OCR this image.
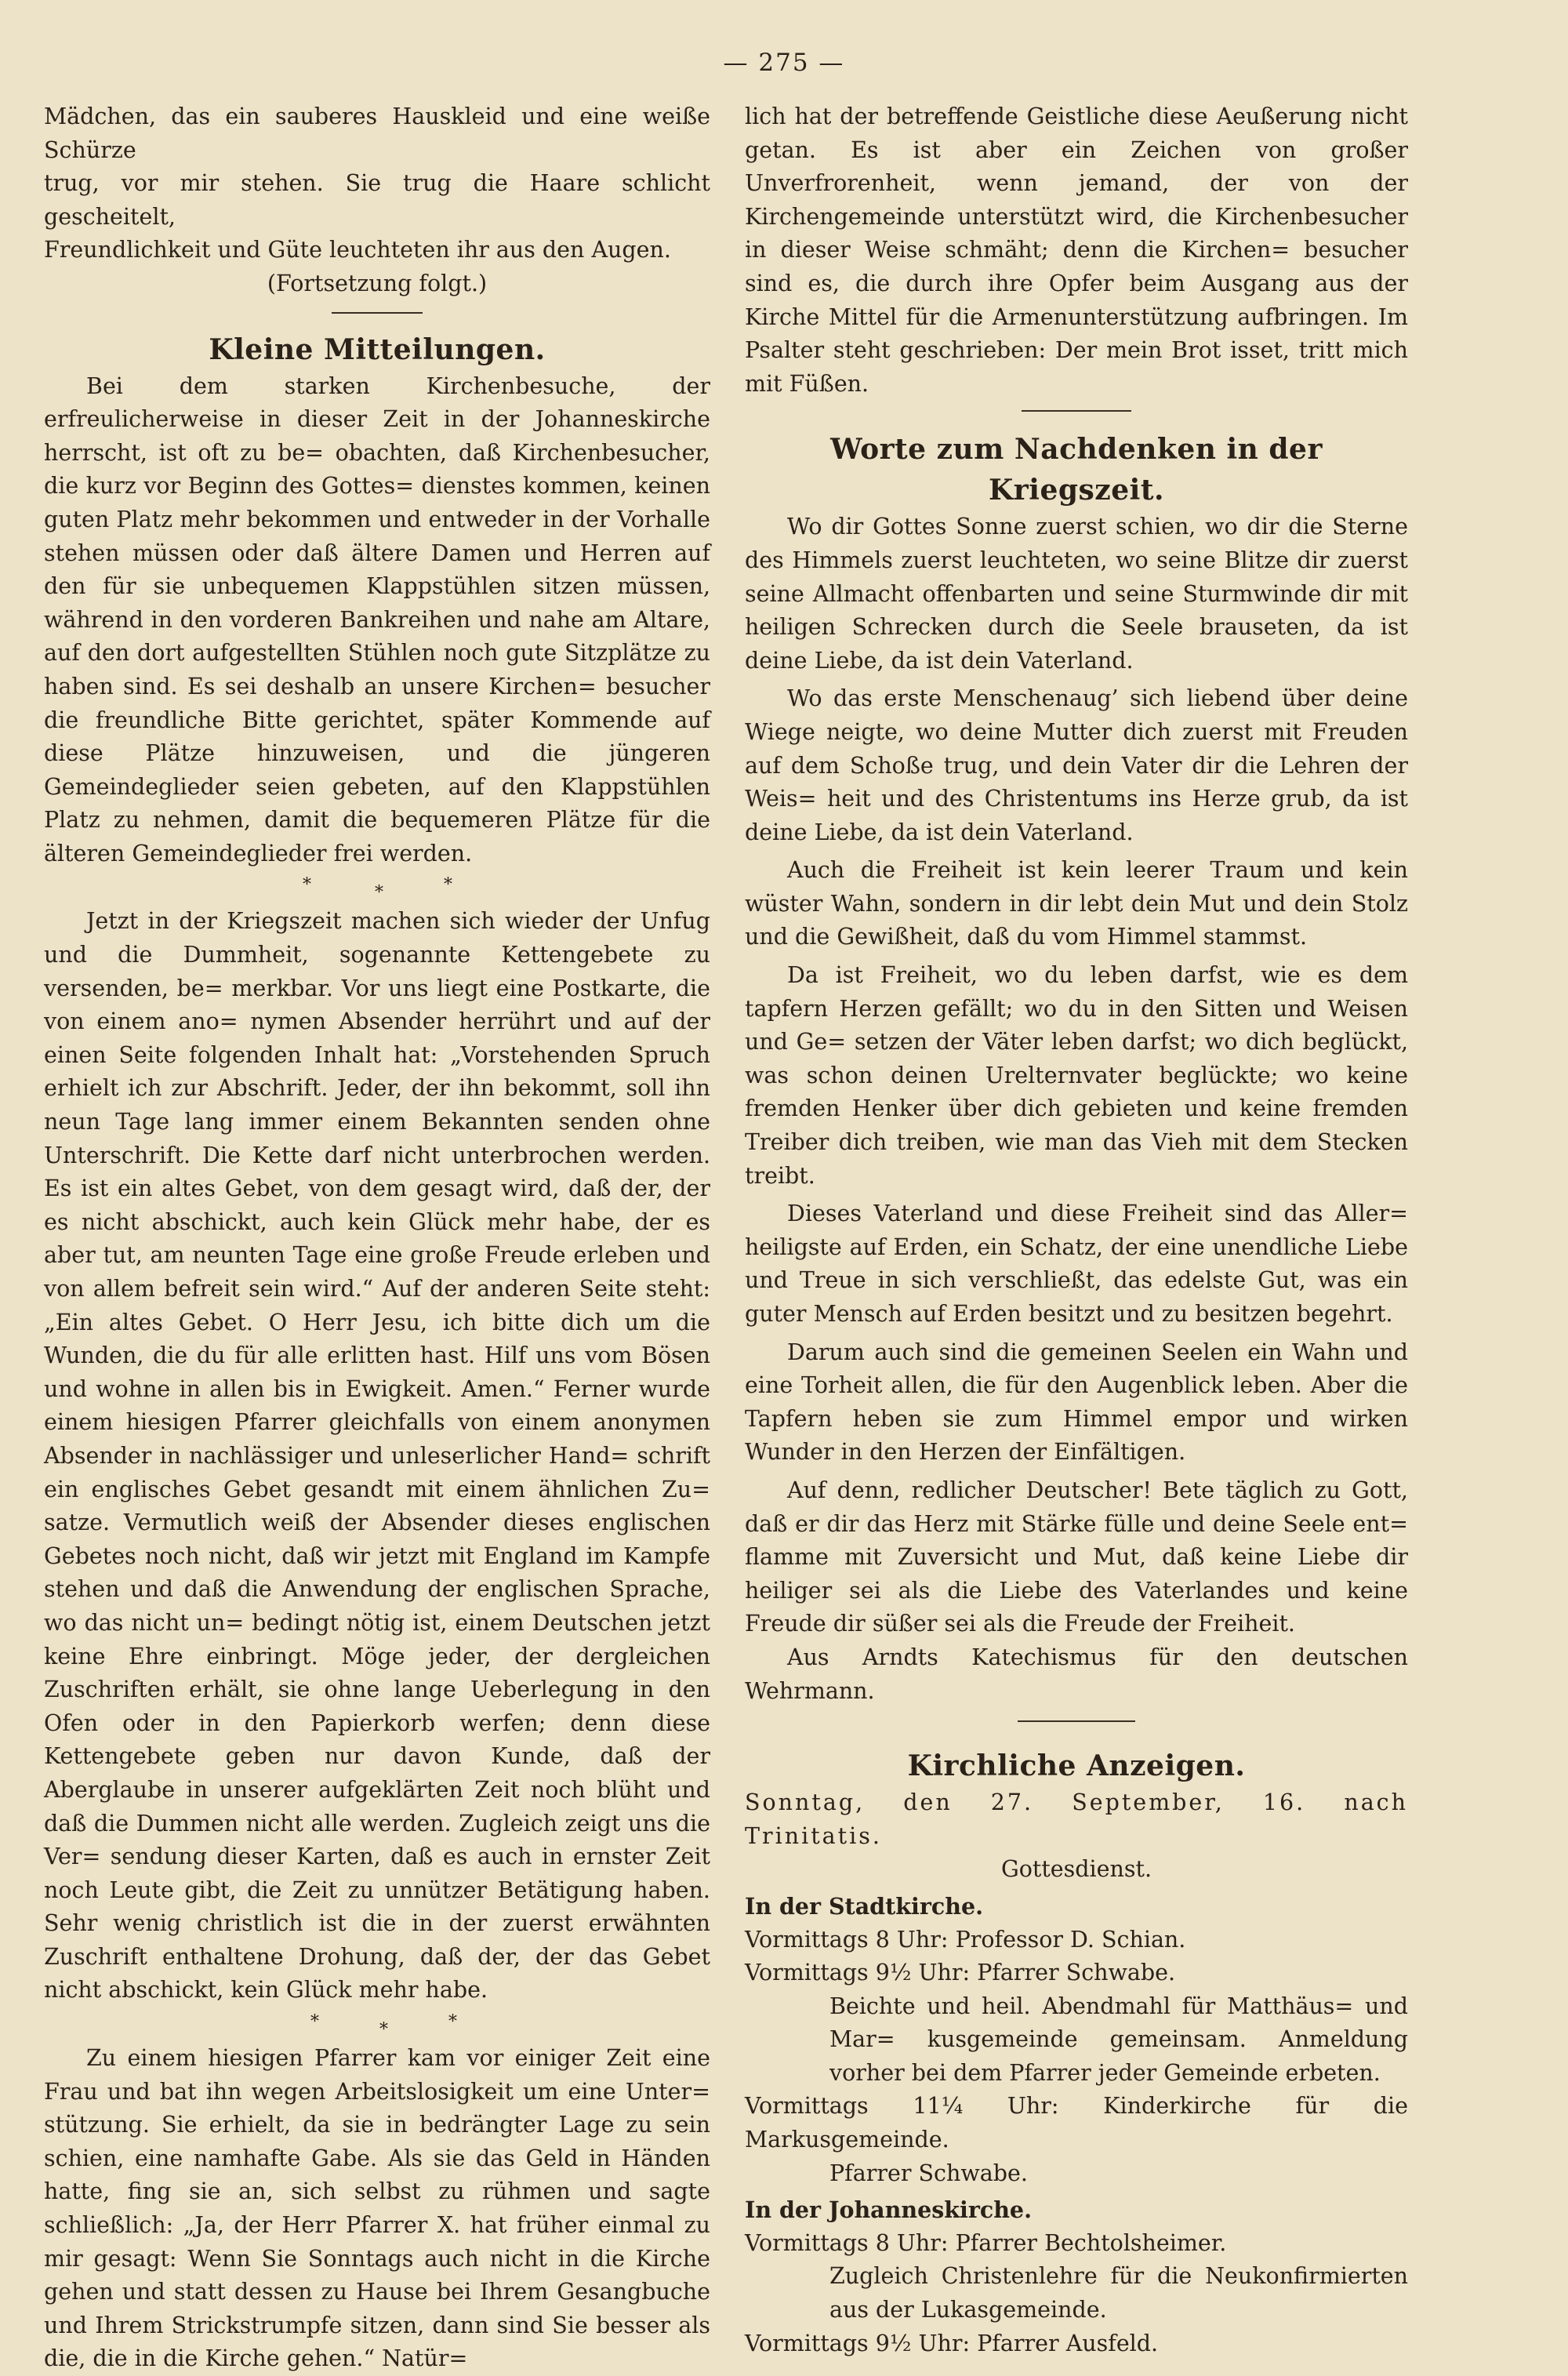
— 275 —

Mädchen, das ein sauberes Hauskleid und eine weiße Schürze
trug, vor mir stehen. Sie trug die Haare schlicht gescheitelt,
Freundlichkeit und Güte leuchteten ihr aus den Augen.

(Fortsetzung folgt.)

Kleine Mitteilungen.

Bei dem starken Kirchenbesuche, der erfreulicherweise in dieser Zeit in der Johanneskirche herrscht, ist oft zu be= obachten, daß Kirchenbesucher, die kurz vor Beginn des Gottes= dienstes kommen, keinen guten Platz mehr bekommen und entweder in der Vorhalle stehen müssen oder daß ältere Damen und Herren auf den für sie unbequemen Klappstühlen sitzen müssen, während in den vorderen Bankreihen und nahe am Altare, auf den dort aufgestellten Stühlen noch gute Sitzplätze zu haben sind. Es sei deshalb an unsere Kirchen= besucher die freundliche Bitte gerichtet, später Kommende auf diese Plätze hinzuweisen, und die jüngeren Gemeindeglieder seien gebeten, auf den Klappstühlen Platz zu nehmen, damit die bequemeren Plätze für die älteren Gemeindeglieder frei werden.

*	*	*

Jetzt in der Kriegszeit machen sich wieder der Unfug und die Dummheit, sogenannte Kettengebete zu versenden, be= merkbar. Vor uns liegt eine Postkarte, die von einem ano= nymen Absender herrührt und auf der einen Seite folgenden Inhalt hat: „Vorstehenden Spruch erhielt ich zur Abschrift. Jeder, der ihn bekommt, soll ihn neun Tage lang immer einem Bekannten senden ohne Unterschrift. Die Kette darf nicht unterbrochen werden. Es ist ein altes Gebet, von dem gesagt wird, daß der, der es nicht abschickt, auch kein Glück mehr habe, der es aber tut, am neunten Tage eine große Freude erleben und von allem befreit sein wird.“ Auf der anderen Seite steht: „Ein altes Gebet. O Herr Jesu, ich bitte dich um die Wunden, die du für alle erlitten hast. Hilf uns vom Bösen und wohne in allen bis in Ewigkeit. Amen.“ Ferner wurde einem hiesigen Pfarrer gleichfalls von einem anonymen Absender in nachlässiger und unleserlicher Hand= schrift ein englisches Gebet gesandt mit einem ähnlichen Zu= satze. Vermutlich weiß der Absender dieses englischen Gebetes noch nicht, daß wir jetzt mit England im Kampfe stehen und daß die Anwendung der englischen Sprache, wo das nicht un= bedingt nötig ist, einem Deutschen jetzt keine Ehre einbringt. Möge jeder, der dergleichen Zuschriften erhält, sie ohne lange Ueberlegung in den Ofen oder in den Papierkorb werfen; denn diese Kettengebete geben nur davon Kunde, daß der Aberglaube in unserer aufgeklärten Zeit noch blüht und daß die Dummen nicht alle werden. Zugleich zeigt uns die Ver= sendung dieser Karten, daß es auch in ernster Zeit noch Leute gibt, die Zeit zu unnützer Betätigung haben. Sehr wenig christlich ist die in der zuerst erwähnten Zuschrift enthaltene Drohung, daß der, der das Gebet nicht abschickt, kein Glück mehr habe.

*	*	*

Zu einem hiesigen Pfarrer kam vor einiger Zeit eine Frau und bat ihn wegen Arbeitslosigkeit um eine Unter= stützung. Sie erhielt, da sie in bedrängter Lage zu sein schien, eine namhafte Gabe. Als sie das Geld in Händen hatte, fing sie an, sich selbst zu rühmen und sagte schließlich: „Ja, der Herr Pfarrer X. hat früher einmal zu mir gesagt: Wenn Sie Sonntags auch nicht in die Kirche gehen und statt dessen zu Hause bei Ihrem Gesangbuche und Ihrem Strickstrumpfe sitzen, dann sind Sie besser als die, die in die Kirche gehen.“ Natür=

lich hat der betreffende Geistliche diese Aeußerung nicht getan. Es ist aber ein Zeichen von großer Unverfrorenheit, wenn jemand, der von der Kirchengemeinde unterstützt wird, die Kirchenbesucher in dieser Weise schmäht; denn die Kirchen= besucher sind es, die durch ihre Opfer beim Ausgang aus der Kirche Mittel für die Armenunterstützung aufbringen. Im Psalter steht geschrieben: Der mein Brot isset, tritt mich mit Füßen.

Worte zum Nachdenken in der Kriegszeit.

Wo dir Gottes Sonne zuerst schien, wo dir die Sterne des Himmels zuerst leuchteten, wo seine Blitze dir zuerst seine Allmacht offenbarten und seine Sturmwinde dir mit heiligen Schrecken durch die Seele brauseten, da ist deine Liebe, da ist dein Vaterland.

Wo das erste Menschenaug’ sich liebend über deine Wiege neigte, wo deine Mutter dich zuerst mit Freuden auf dem Schoße trug, und dein Vater dir die Lehren der Weis= heit und des Christentums ins Herze grub, da ist deine Liebe, da ist dein Vaterland.

Auch die Freiheit ist kein leerer Traum und kein wüster Wahn, sondern in dir lebt dein Mut und dein Stolz und die Gewißheit, daß du vom Himmel stammst.

Da ist Freiheit, wo du leben darfst, wie es dem tapfern Herzen gefällt; wo du in den Sitten und Weisen und Ge= setzen der Väter leben darfst; wo dich beglückt, was schon deinen Urelternvater beglückte; wo keine fremden Henker über dich gebieten und keine fremden Treiber dich treiben, wie man das Vieh mit dem Stecken treibt.

Dieses Vaterland und diese Freiheit sind das Aller= heiligste auf Erden, ein Schatz, der eine unendliche Liebe und Treue in sich verschließt, das edelste Gut, was ein guter Mensch auf Erden besitzt und zu besitzen begehrt.

Darum auch sind die gemeinen Seelen ein Wahn und eine Torheit allen, die für den Augenblick leben. Aber die Tapfern heben sie zum Himmel empor und wirken Wunder in den Herzen der Einfältigen.

Auf denn, redlicher Deutscher! Bete täglich zu Gott, daß er dir das Herz mit Stärke fülle und deine Seele ent= flamme mit Zuversicht und Mut, daß keine Liebe dir heiliger sei als die Liebe des Vaterlandes und keine Freude dir süßer sei als die Freude der Freiheit.

Aus Arndts Katechismus für den deutschen Wehrmann.

Kirchliche Anzeigen.

Sonntag, den 27. September, 16. nach Trinitatis.

Gottesdienst.

In der Stadtkirche.

Vormittags 8 Uhr: Professor D. Schian.

Vormittags 9½ Uhr: Pfarrer Schwabe.

Beichte und heil. Abendmahl für Matthäus= und Mar= kusgemeinde gemeinsam. Anmeldung vorher bei dem Pfarrer jeder Gemeinde erbeten.

Vormittags 11¼ Uhr: Kinderkirche für die Markusgemeinde.

Pfarrer Schwabe.

In der Johanneskirche.

Vormittags 8 Uhr: Pfarrer Bechtolsheimer.

Zugleich Christenlehre für die Neukonfirmierten aus der Lukasgemeinde.

Vormittags 9½ Uhr: Pfarrer Ausfeld.
